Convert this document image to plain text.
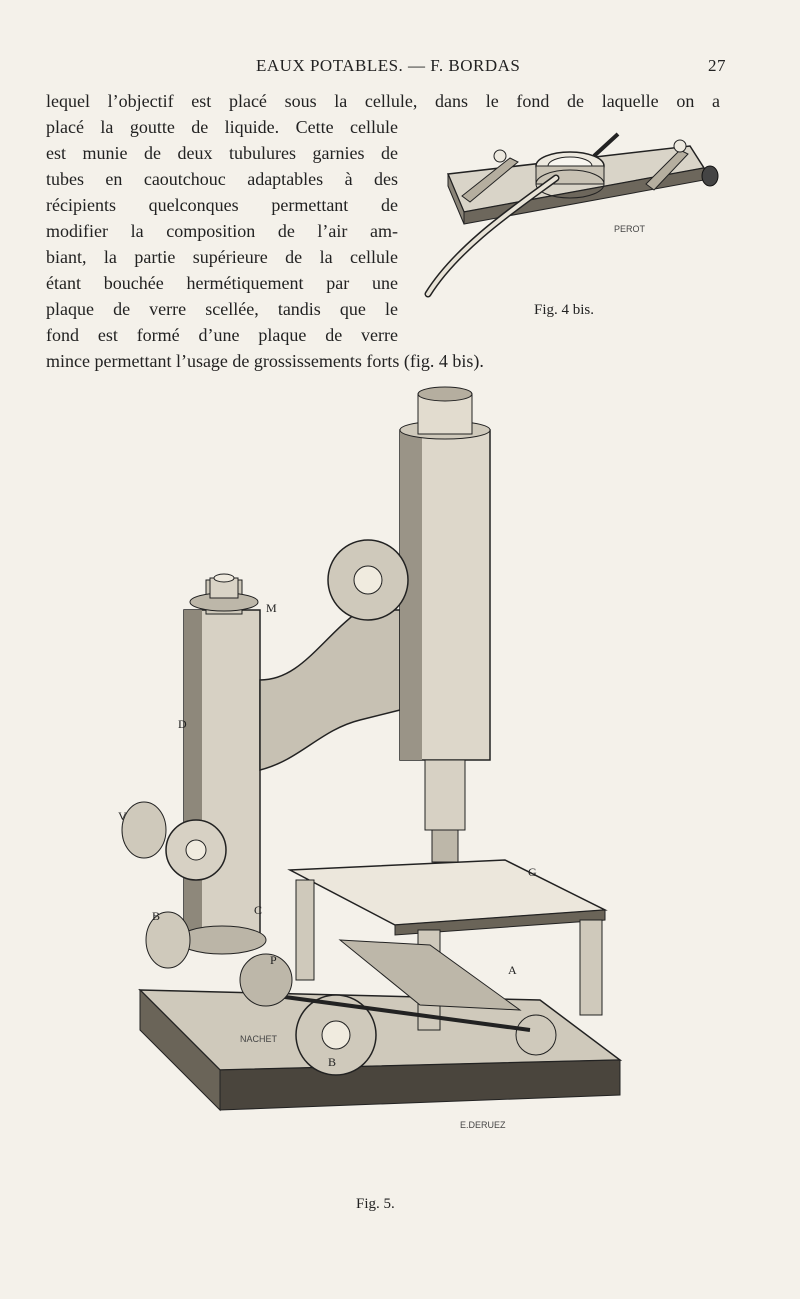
EAUX POTABLES. — F. BORDAS	27
lequel l’objectif est placé sous la cellule, dans le fond de laquelle on a
placé la goutte de liquide. Cette cellule
est munie de deux tubulures garnies de
tubes en caoutchouc adaptables à des
récipients quelconques permettant de
modifier la composition de l’air am-
biant, la partie supérieure de la cellule
étant bouchée hermétiquement par une
plaque de verre scellée, tandis que le
fond est formé d’une plaque de verre
mince permettant l’usage de grossissements forts (fig. 4 bis).
PEROT
Fig. 4 bis.
NACHET
E.DERUEZ
M
D
V
B	C
P
G
A
B
Fig. 5.
